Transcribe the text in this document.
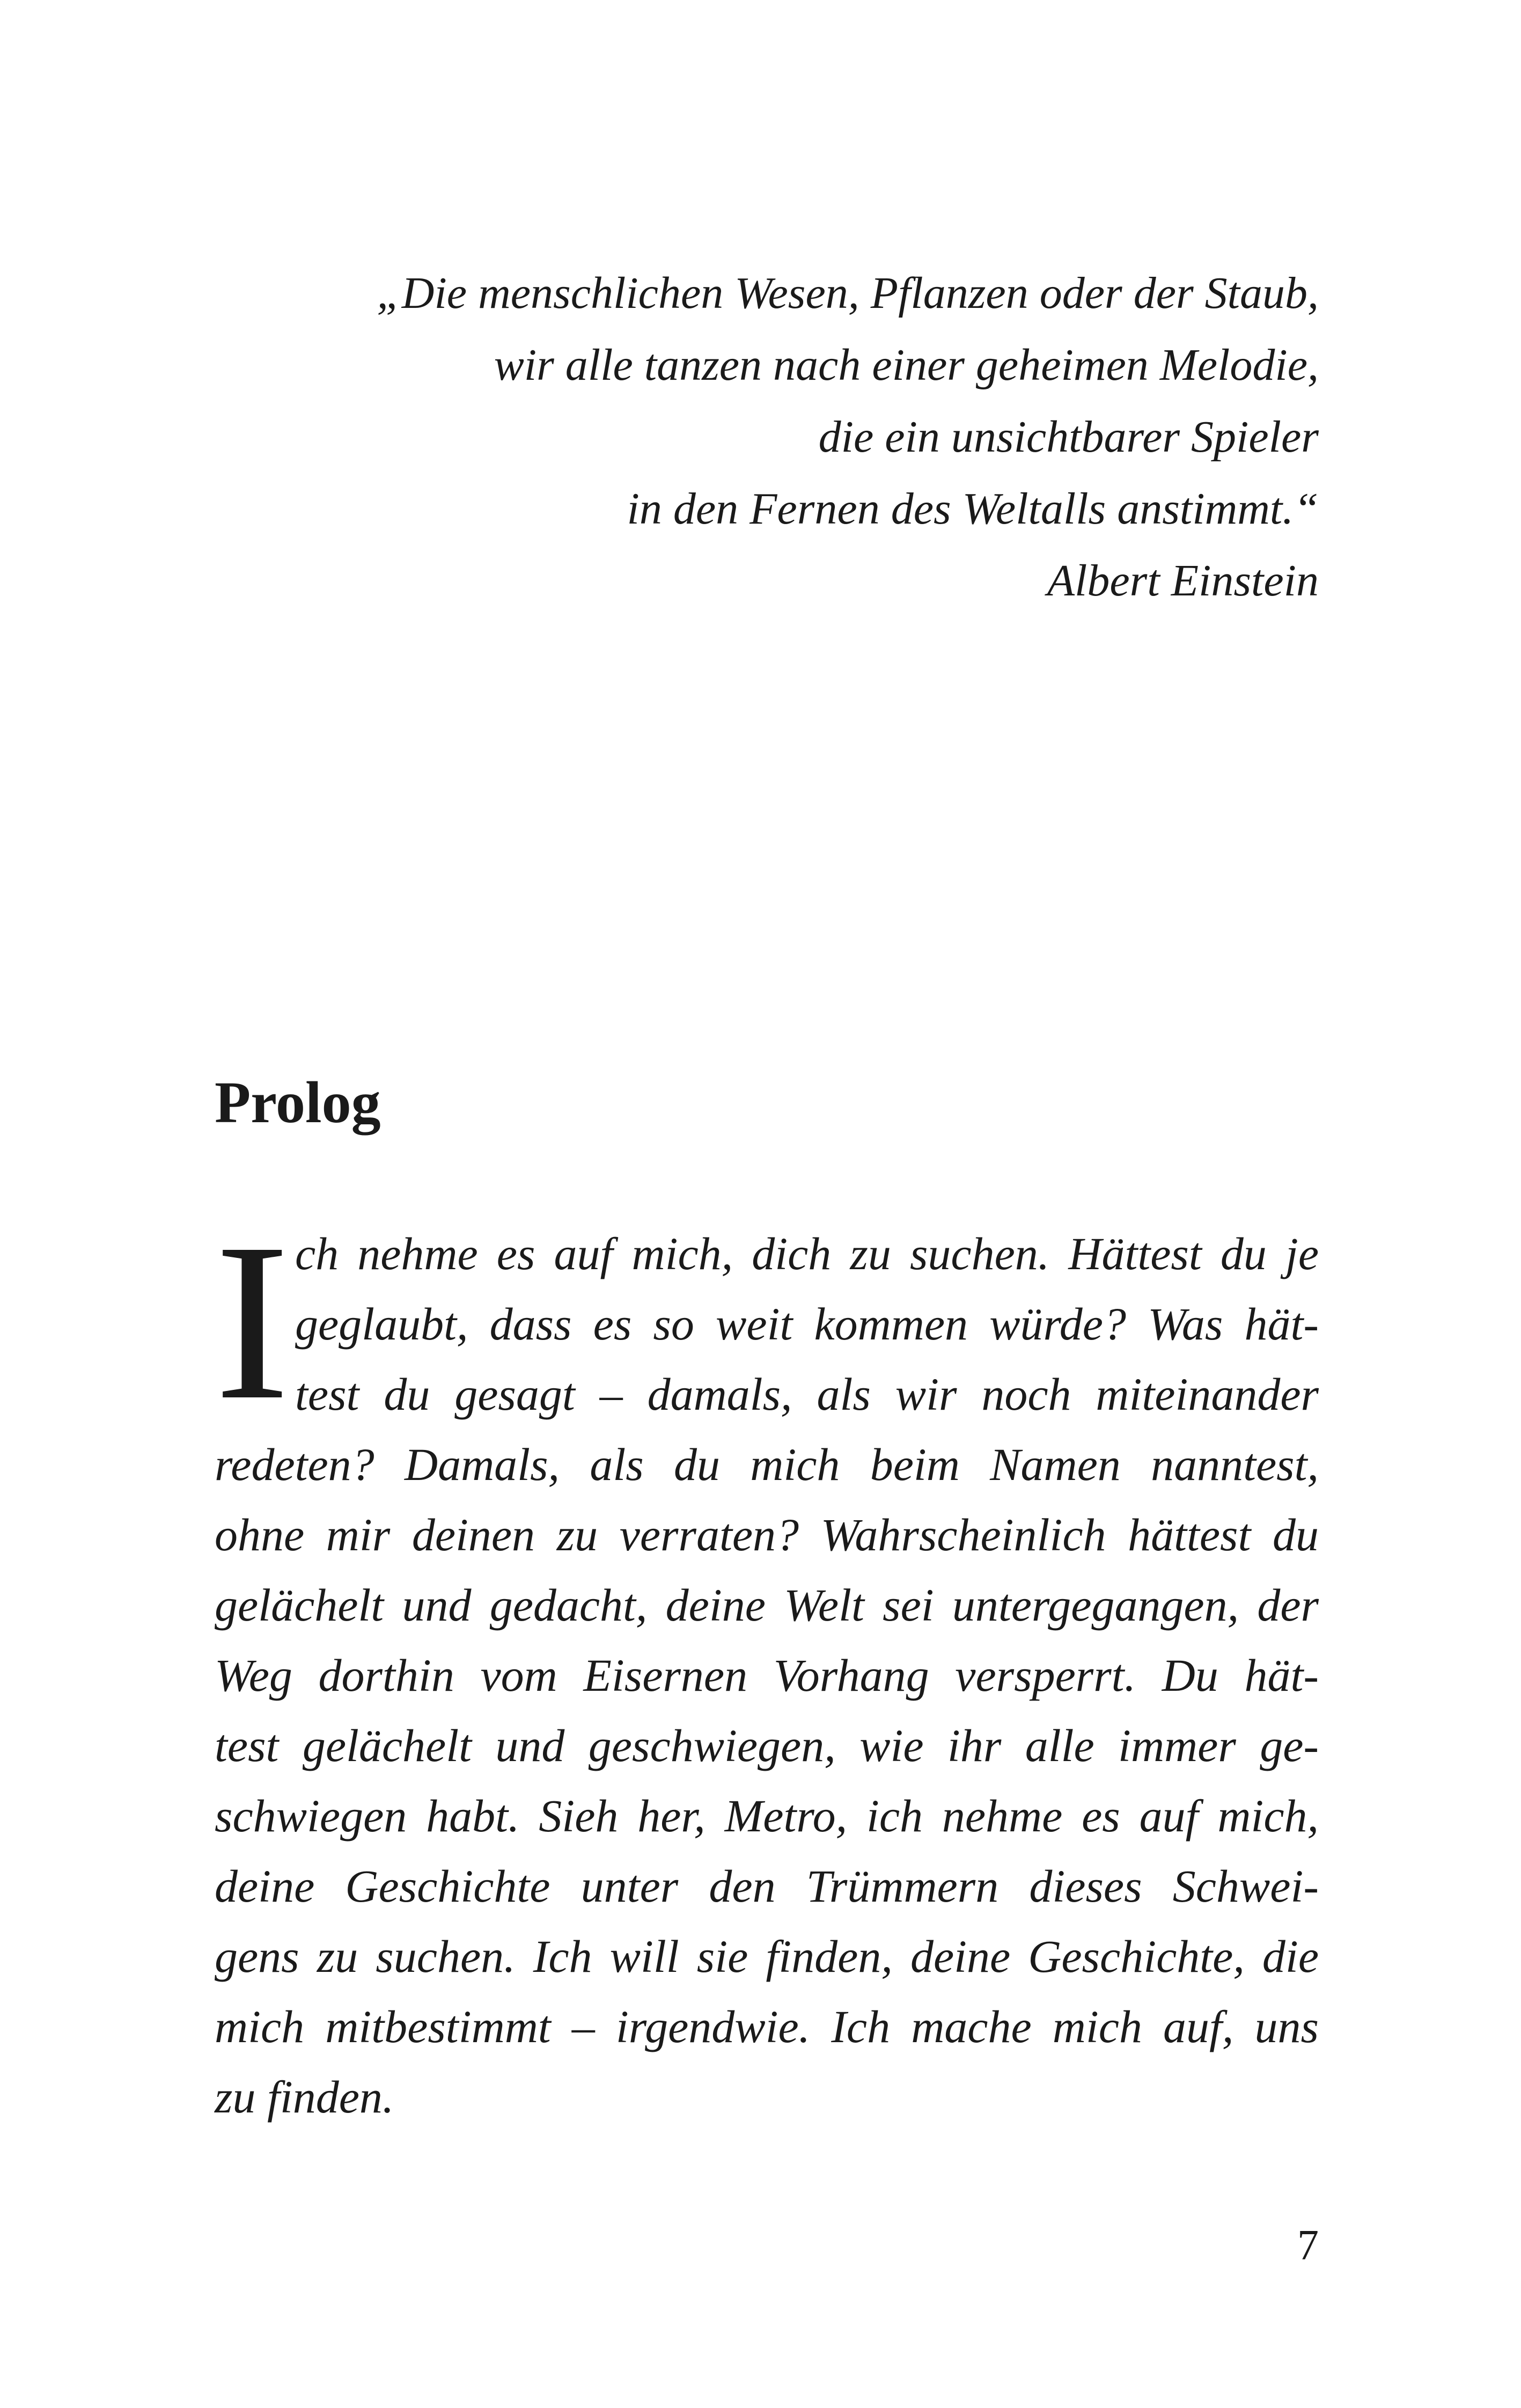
„Die menschlichen Wesen, Pflanzen oder der Staub,
wir alle tanzen nach einer geheimen Melodie,
die ein unsichtbarer Spieler
in den Fernen des Weltalls anstimmt.“
Albert Einstein
Prolog
I ch nehme es auf mich, dich zu suchen. Hättest du je
geglaubt, dass es so weit kommen würde? Was hät-
test du gesagt – damals, als wir noch miteinander
redeten? Damals, als du mich beim Namen nanntest,
ohne mir deinen zu verraten? Wahrscheinlich hättest du
gelächelt und gedacht, deine Welt sei untergegangen, der
Weg dorthin vom Eisernen Vorhang versperrt. Du hät-
test gelächelt und geschwiegen, wie ihr alle immer ge-
schwiegen habt. Sieh her, Metro, ich nehme es auf mich,
deine Geschichte unter den Trümmern dieses Schwei-
gens zu suchen. Ich will sie finden, deine Geschichte, die
mich mitbestimmt – irgendwie. Ich mache mich auf, uns
zu finden.
7
